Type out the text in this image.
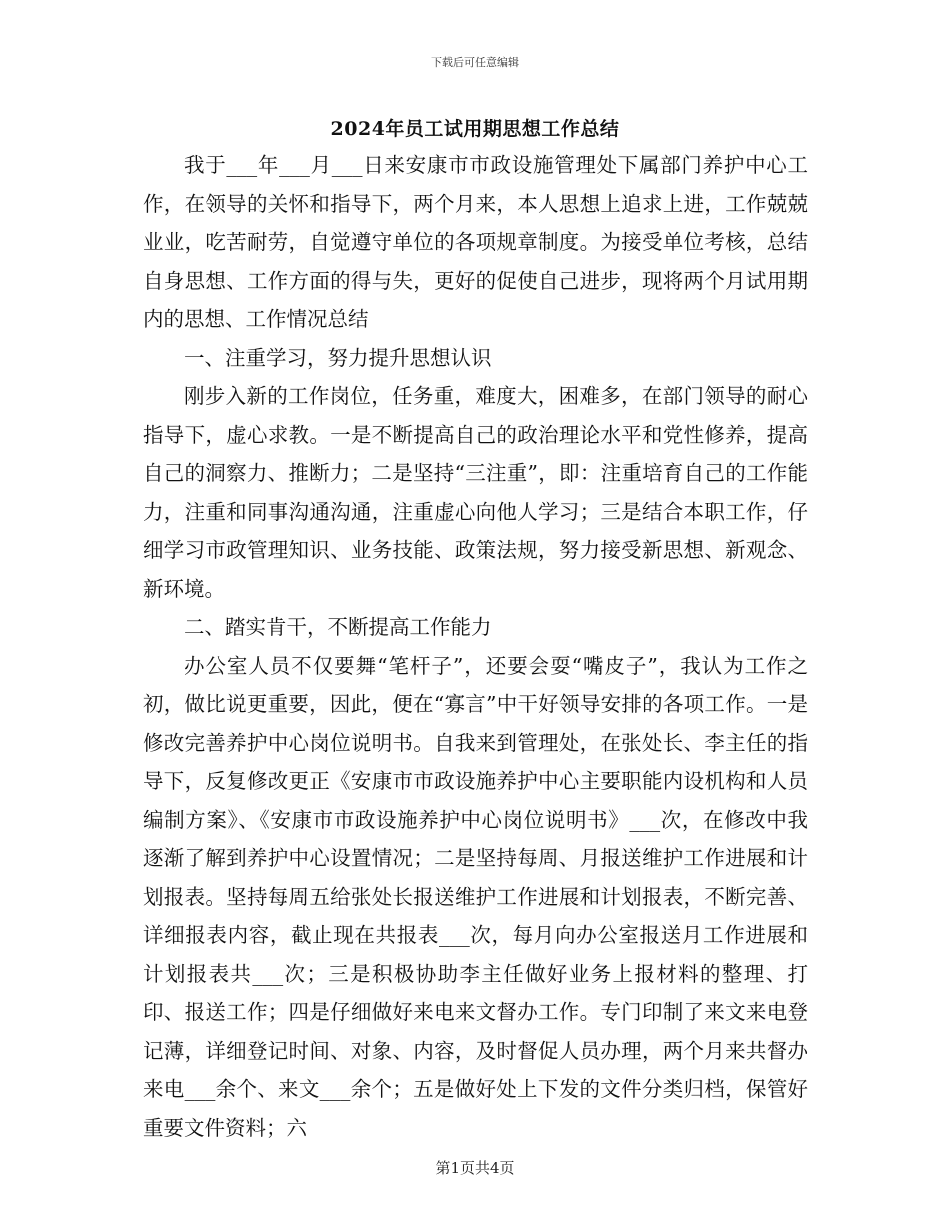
下载后可任意编辑
2024年员工试用期思想工作总结

我于___年___月___日来安康市市政设施管理处下属部门养护中心工作，在领导的关怀和指导下，两个月来，本人思想上追求上进，工作兢兢业业，吃苦耐劳，自觉遵守单位的各项规章制度。为接受单位考核，总结自身思想、工作方面的得与失，更好的促使自己进步，现将两个月试用期内的思想、工作情况总结

一、注重学习，努力提升思想认识

刚步入新的工作岗位，任务重，难度大，困难多，在部门领导的耐心指导下，虚心求教。一是不断提高自己的政治理论水平和党性修养，提高自己的洞察力、推断力；二是坚持“三注重”，即：注重培育自己的工作能力，注重和同事沟通沟通，注重虚心向他人学习；三是结合本职工作，仔细学习市政管理知识、业务技能、政策法规，努力接受新思想、新观念、新环境。

二、踏实肯干，不断提高工作能力

办公室人员不仅要舞“笔杆子”，还要会耍“嘴皮子”，我认为工作之初，做比说更重要，因此，便在“寡言”中干好领导安排的各项工作。一是修改完善养护中心岗位说明书。自我来到管理处，在张处长、李主任的指导下，反复修改更正《安康市市政设施养护中心主要职能内设机构和人员编制方案》、《安康市市政设施养护中心岗位说明书》___次，在修改中我逐渐了解到养护中心设置情况；二是坚持每周、月报送维护工作进展和计划报表。坚持每周五给张处长报送维护工作进展和计划报表，不断完善、详细报表内容，截止现在共报表___次，每月向办公室报送月工作进展和计划报表共___次；三是积极协助李主任做好业务上报材料的整理、打印、报送工作；四是仔细做好来电来文督办工作。专门印制了来文来电登记薄，详细登记时间、对象、内容，及时督促人员办理，两个月来共督办来电___余个、来文___余个；五是做好处上下发的文件分类归档，保管好重要文件资料；六

第1页共4页
